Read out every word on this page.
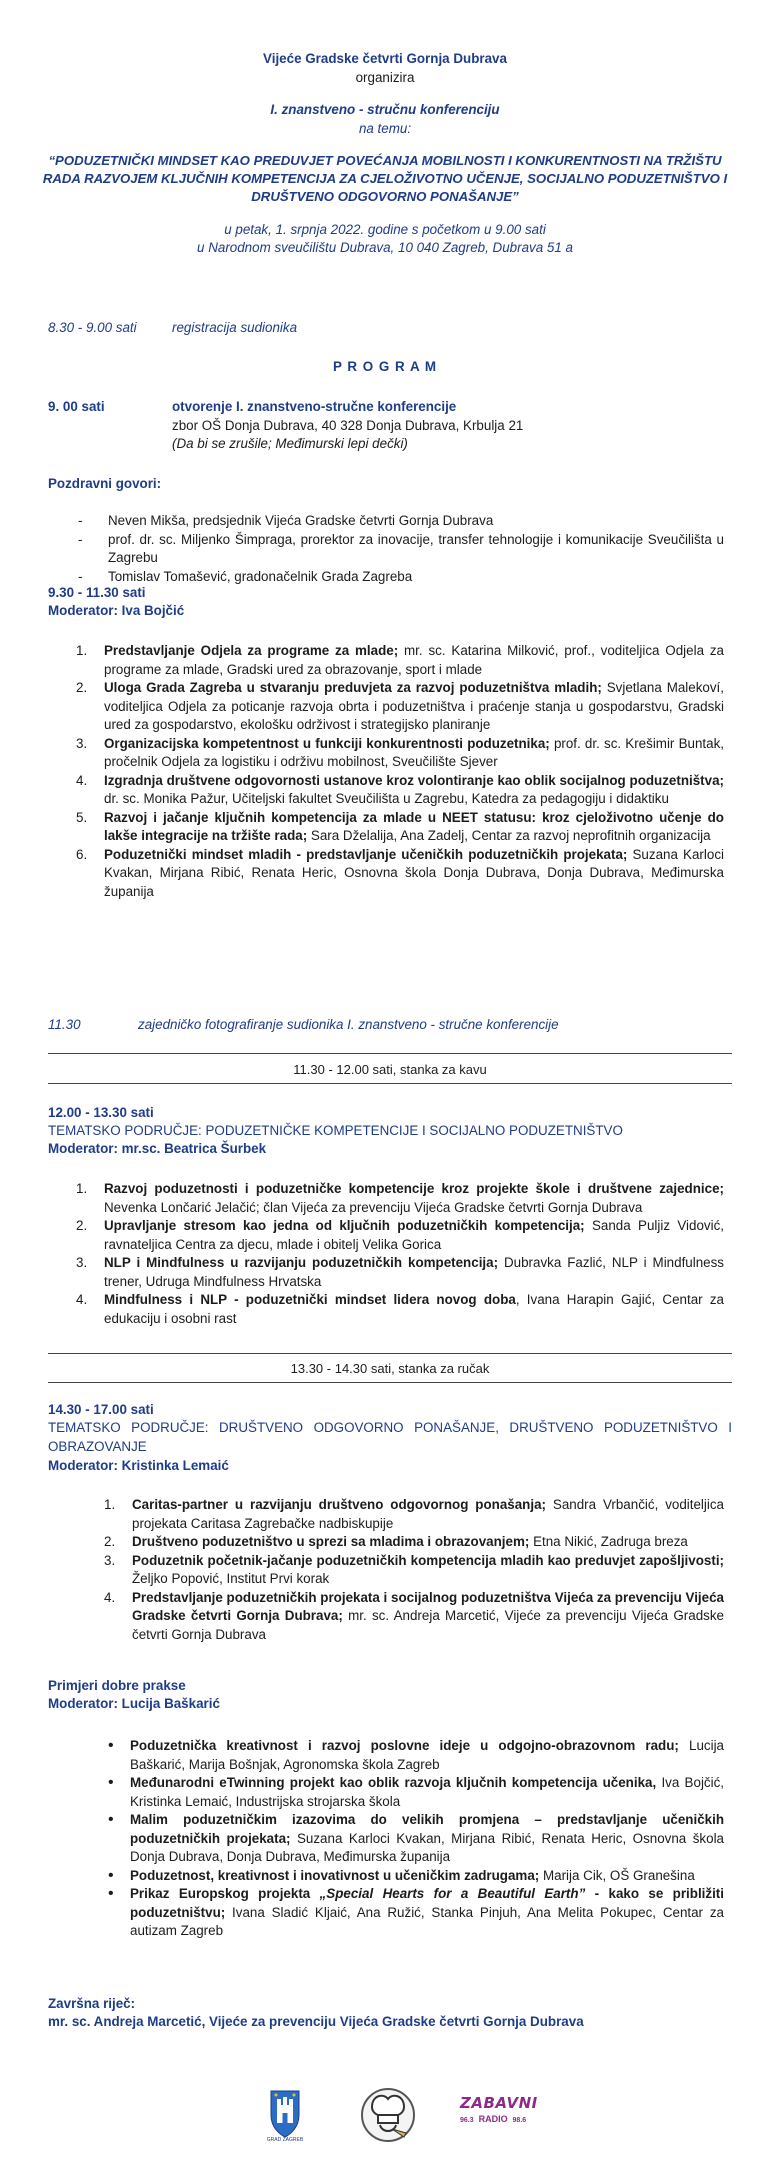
Vijeće Gradske četvrti Gornja Dubrava
organizira
I. znanstveno - stručnu konferenciju
na temu:
“PODUZETNIČKI MINDSET KAO PREDUVJET POVEĆANJA MOBILNOSTI I KONKURENTNOSTI NA TRŽIŠTU RADA RAZVOJEM KLJUČNIH KOMPETENCIJA ZA CJELOŽIVOTNO UČENJE, SOCIJALNO PODUZETNIŠTVO I DRUŠTVENO ODGOVORNO PONAŠANJE”
u petak, 1. srpnja 2022. godine s početkom u 9.00 sati
u Narodnom sveučilištu Dubrava, 10 040 Zagreb, Dubrava 51 a
8.30 - 9.00 sati	registracija sudionika
P R O G R A M
9. 00 sati	otvorenje I. znanstveno-stručne konferencije
zbor OŠ Donja Dubrava, 40 328 Donja Dubrava, Krbulja 21
(Da bi se zrušile; Međimurski lepi dečki)
Pozdravni govori:
- Neven Mikša, predsjednik Vijeća Gradske četvrti Gornja Dubrava
- prof. dr. sc. Miljenko Šimpraga, prorektor za inovacije, transfer tehnologije i komunikacije Sveučilišta u Zagrebu
- Tomislav Tomašević, gradonačelnik Grada Zagreba
9.30 - 11.30 sati
Moderator: Iva Bojčić
1. Predstavljanje Odjela za programe za mlade; mr. sc. Katarina Milković, prof., voditeljica Odjela za programe za mlade, Gradski ured za obrazovanje, sport i mlade
2. Uloga Grada Zagreba u stvaranju preduvjeta za razvoj poduzetništva mladih; Svjetlana Malekoví, voditeljica Odjela za poticanje razvoja obrta i poduzetništva i praćenje stanja u gospodarstvu, Gradski ured za gospodarstvo, ekološku održivost i strategijsko planiranje
3. Organizacijska kompetentnost u funkciji konkurentnosti poduzetnika; prof. dr. sc. Krešimir Buntak, pročelnik Odjela za logistiku i održivu mobilnost, Sveučilište Sjever
4. Izgradnja društvene odgovornosti ustanove kroz volontiranje kao oblik socijalnog poduzetništva; dr. sc. Monika Pažur, Učiteljski fakultet Sveučilišta u Zagrebu, Katedra za pedagogiju i didaktiku
5. Razvoj i jačanje ključnih kompetencija za mlade u NEET statusu: kroz cjeloživotno učenje do lakše integracije na tržište rada; Sara Dželalija, Ana Zadelj, Centar za razvoj neprofitnih organizacija
6. Poduzetnički mindset mladih - predstavljanje učeničkih poduzetničkih projekata; Suzana Karloci Kvakan, Mirjana Ribić, Renata Heric, Osnovna škola Donja Dubrava, Donja Dubrava, Međimurska županija
11.30	zajedničko fotografiranje sudionika I. znanstveno - stručne konferencije
11.30 - 12.00 sati, stanka za kavu
12.00 - 13.30 sati
TEMATSKO PODRUČJE: PODUZETNIČKE KOMPETENCIJE I SOCIJALNO PODUZETNIŠTVO
Moderator: mr.sc. Beatrica Šurbek
1. Razvoj poduzetnosti i poduzetničke kompetencije kroz projekte škole i društvene zajednice; Nevenka Lončarić Jelačić; član Vijeća za prevenciju Vijeća Gradske četvrti Gornja Dubrava
2. Upravljanje stresom kao jedna od ključnih poduzetničkih kompetencija; Sanda Puljiz Vidović, ravnateljica Centra za djecu, mlade i obitelj Velika Gorica
3. NLP i Mindfulness u razvijanju poduzetničkih kompetencija; Dubravka Fazlić, NLP i Mindfulness trener, Udruga Mindfulness Hrvatska
4. Mindfulness i NLP - poduzetnički mindset lidera novog doba, Ivana Harapin Gajić, Centar za edukaciju i osobni rast
13.30 - 14.30 sati, stanka za ručak
14.30 - 17.00 sati
TEMATSKO PODRUČJE: DRUŠTVENO ODGOVORNO PONAŠANJE, DRUŠTVENO PODUZETNIŠTVO I OBRAZOVANJE
Moderator: Kristinka Lemaić
1. Caritas-partner u razvijanju društveno odgovornog ponašanja; Sandra Vrbančić, voditeljica projekata Caritasa Zagrebačke nadbiskupije
2. Društveno poduzetništvo u sprezi sa mladima i obrazovanjem; Etna Nikić, Zadruga breza
3. Poduzetnik početnik-jačanje poduzetničkih kompetencija mladih kao preduvjet zapošljivosti; Željko Popović, Institut Prvi korak
4. Predstavljanje poduzetničkih projekata i socijalnog poduzetništva Vijeća za prevenciju Vijeća Gradske četvrti Gornja Dubrava; mr. sc. Andreja Marcetić, Vijeće za prevenciju Vijeća Gradske četvrti Gornja Dubrava
Primjeri dobre prakse
Moderator: Lucija Baškarić
• Poduzetnička kreativnost i razvoj poslovne ideje u odgojno-obrazovnom radu; Lucija Baškarić, Marija Bošnjak, Agronomska škola Zagreb
• Međunarodni eTwinning projekt kao oblik razvoja ključnih kompetencija učenika, Iva Bojčić, Kristinka Lemaić, Industrijska strojarska škola
• Malim poduzetničkim izazovima do velikih promjena – predstavljanje učeničkih poduzetničkih projekata; Suzana Karloci Kvakan, Mirjana Ribić, Renata Heric, Osnovna škola Donja Dubrava, Donja Dubrava, Međimurska županija
• Poduzetnost, kreativnost i inovativnost u učeničkim zadrugama; Marija Cik, OŠ Granešina
• Prikaz Europskog projekta „Special Hearts for a Beautiful Earth” - kako se približiti poduzetništvu; Ivana Sladić Kljaić, Ana Ružić, Stanka Pinjuh, Ana Melita Pokupec, Centar za autizam Zagreb
Završna riječ:
mr. sc. Andreja Marcetić, Vijeće za prevenciju Vijeća Gradske četvrti Gornja Dubrava
GRAD ZAGREB
ZABAVNI
96.3 RADIO 98.6
